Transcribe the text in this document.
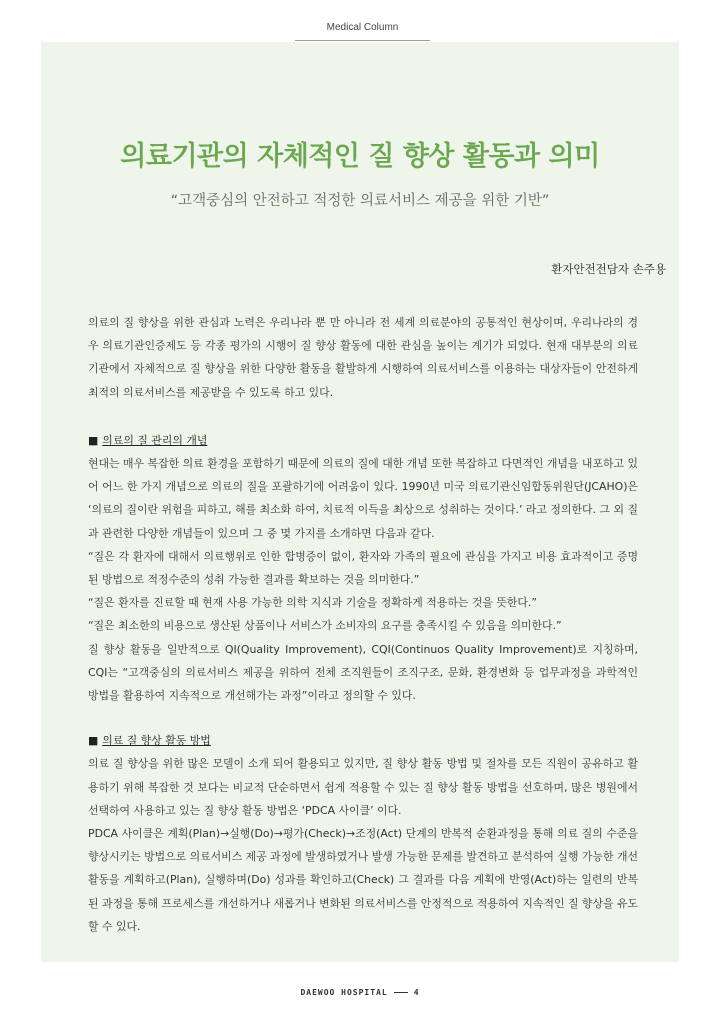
Medical Column
의료기관의 자체적인 질 향상 활동과 의미
“고객중심의 안전하고 적정한 의료서비스 제공을 위한 기반”
환자안전전담자 손주용

의료의 질 향상을 위한 관심과 노력은 우리나라 뿐 만 아니라 전 세계 의료분야의 공통적인 현상이며, 우리나라의 경우 의료기관인증제도 등 각종 평가의 시행이 질 향상 활동에 대한 관심을 높이는 계기가 되었다. 현재 대부분의 의료기관에서 자체적으로 질 향상을 위한 다양한 활동을 활발하게 시행하여 의료서비스를 이용하는 대상자들이 안전하게 최적의 의료서비스를 제공받을 수 있도록 하고 있다.

■ 의료의 질 관리의 개념

현대는 매우 복잡한 의료 환경을 포함하기 때문에 의료의 질에 대한 개념 또한 복잡하고 다면적인 개념을 내포하고 있어 어느 한 가지 개념으로 의료의 질을 포괄하기에 어려움이 있다. 1990년 미국 의료기관신임합동위원단(JCAHO)은 ‘의료의 질이란 위험을 피하고, 해를 최소화 하여, 치료적 이득을 최상으로 성취하는 것이다.’ 라고 정의한다. 그 외 질과 관련한 다양한 개념들이 있으며 그 중 몇 가지를 소개하면 다음과 같다.

“질은 각 환자에 대해서 의료행위로 인한 합병증이 없이, 환자와 가족의 필요에 관심을 가지고 비용 효과적이고 증명된 방법으로 적정수준의 성취 가능한 결과를 확보하는 것을 의미한다.”

“질은 환자를 진료할 때 현재 사용 가능한 의학 지식과 기술을 정확하게 적용하는 것을 뜻한다.”

“질은 최소한의 비용으로 생산된 상품이나 서비스가 소비자의 요구를 충족시킬 수 있음을 의미한다.”

질 향상 활동을 일반적으로 QI(Quality Improvement), CQI(Continuos Quality Improvement)로 지칭하며, CQI는 “고객중심의 의료서비스 제공을 위하여 전체 조직원들이 조직구조, 문화, 환경변화 등 업무과정을 과학적인 방법을 활용하여 지속적으로 개선해가는 과정”이라고 정의할 수 있다.

■ 의료 질 향상 활동 방법

의료 질 향상을 위한 많은 모델이 소개 되어 활용되고 있지만, 질 향상 활동 방법 및 절차를 모든 직원이 공유하고 활용하기 위해 복잡한 것 보다는 비교적 단순하면서 쉽게 적용할 수 있는 질 향상 활동 방법을 선호하며, 많은 병원에서 선택하여 사용하고 있는 질 향상 활동 방법은 ‘PDCA 사이클’ 이다.

PDCA 사이클은 계획(Plan)→실행(Do)→평가(Check)→조정(Act) 단계의 반복적 순환과정을 통해 의료 질의 수준을 향상시키는 방법으로 의료서비스 제공 과정에 발생하였거나 발생 가능한 문제를 발견하고 분석하여 실행 가능한 개선활동을 계획하고(Plan), 실행하며(Do) 성과를 확인하고(Check) 그 결과를 다음 계획에 반영(Act)하는 일련의 반복된 과정을 통해 프로세스를 개선하거나 새롭거나 변화된 의료서비스를 안정적으로 적용하여 지속적인 질 향상을 유도할 수 있다.

DAEWOO HOSPITAL	4
